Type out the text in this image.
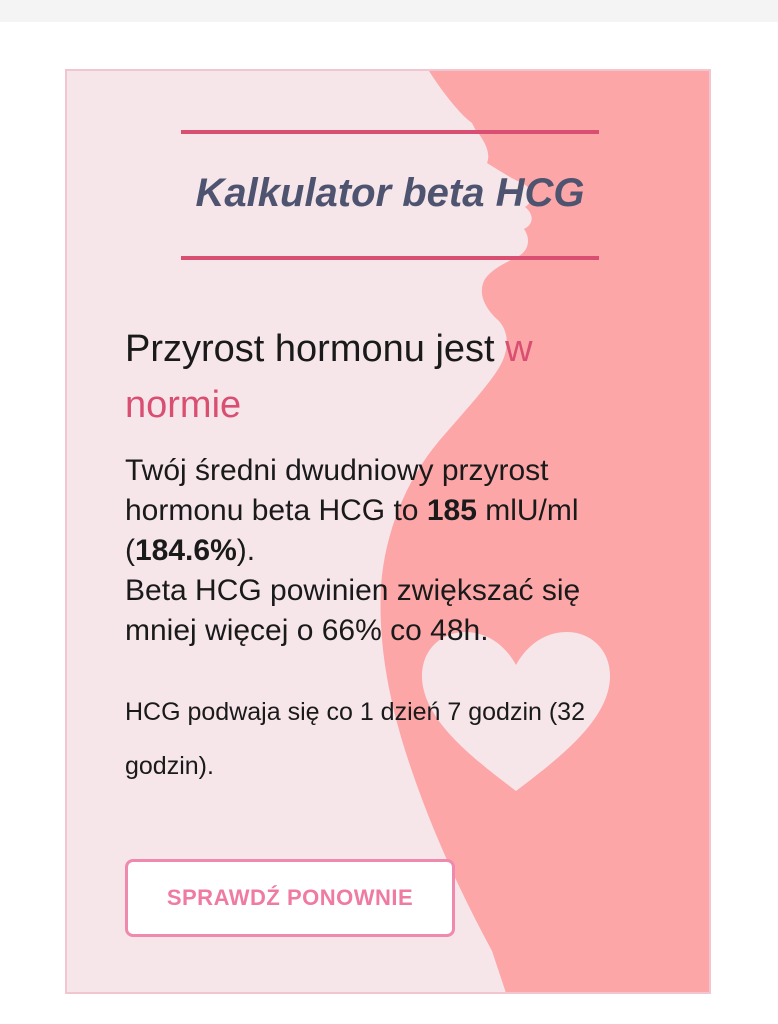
Kalkulator beta HCG
Przyrost hormonu jest w normie
Twój średni dwudniowy przyrost hormonu beta HCG to 185 mlU/ml (184.6%).
Beta HCG powinien zwiększać się mniej więcej o 66% co 48h.
HCG podwaja się co 1 dzień 7 godzin (32 godzin).
SPRAWDŹ PONOWNIE
